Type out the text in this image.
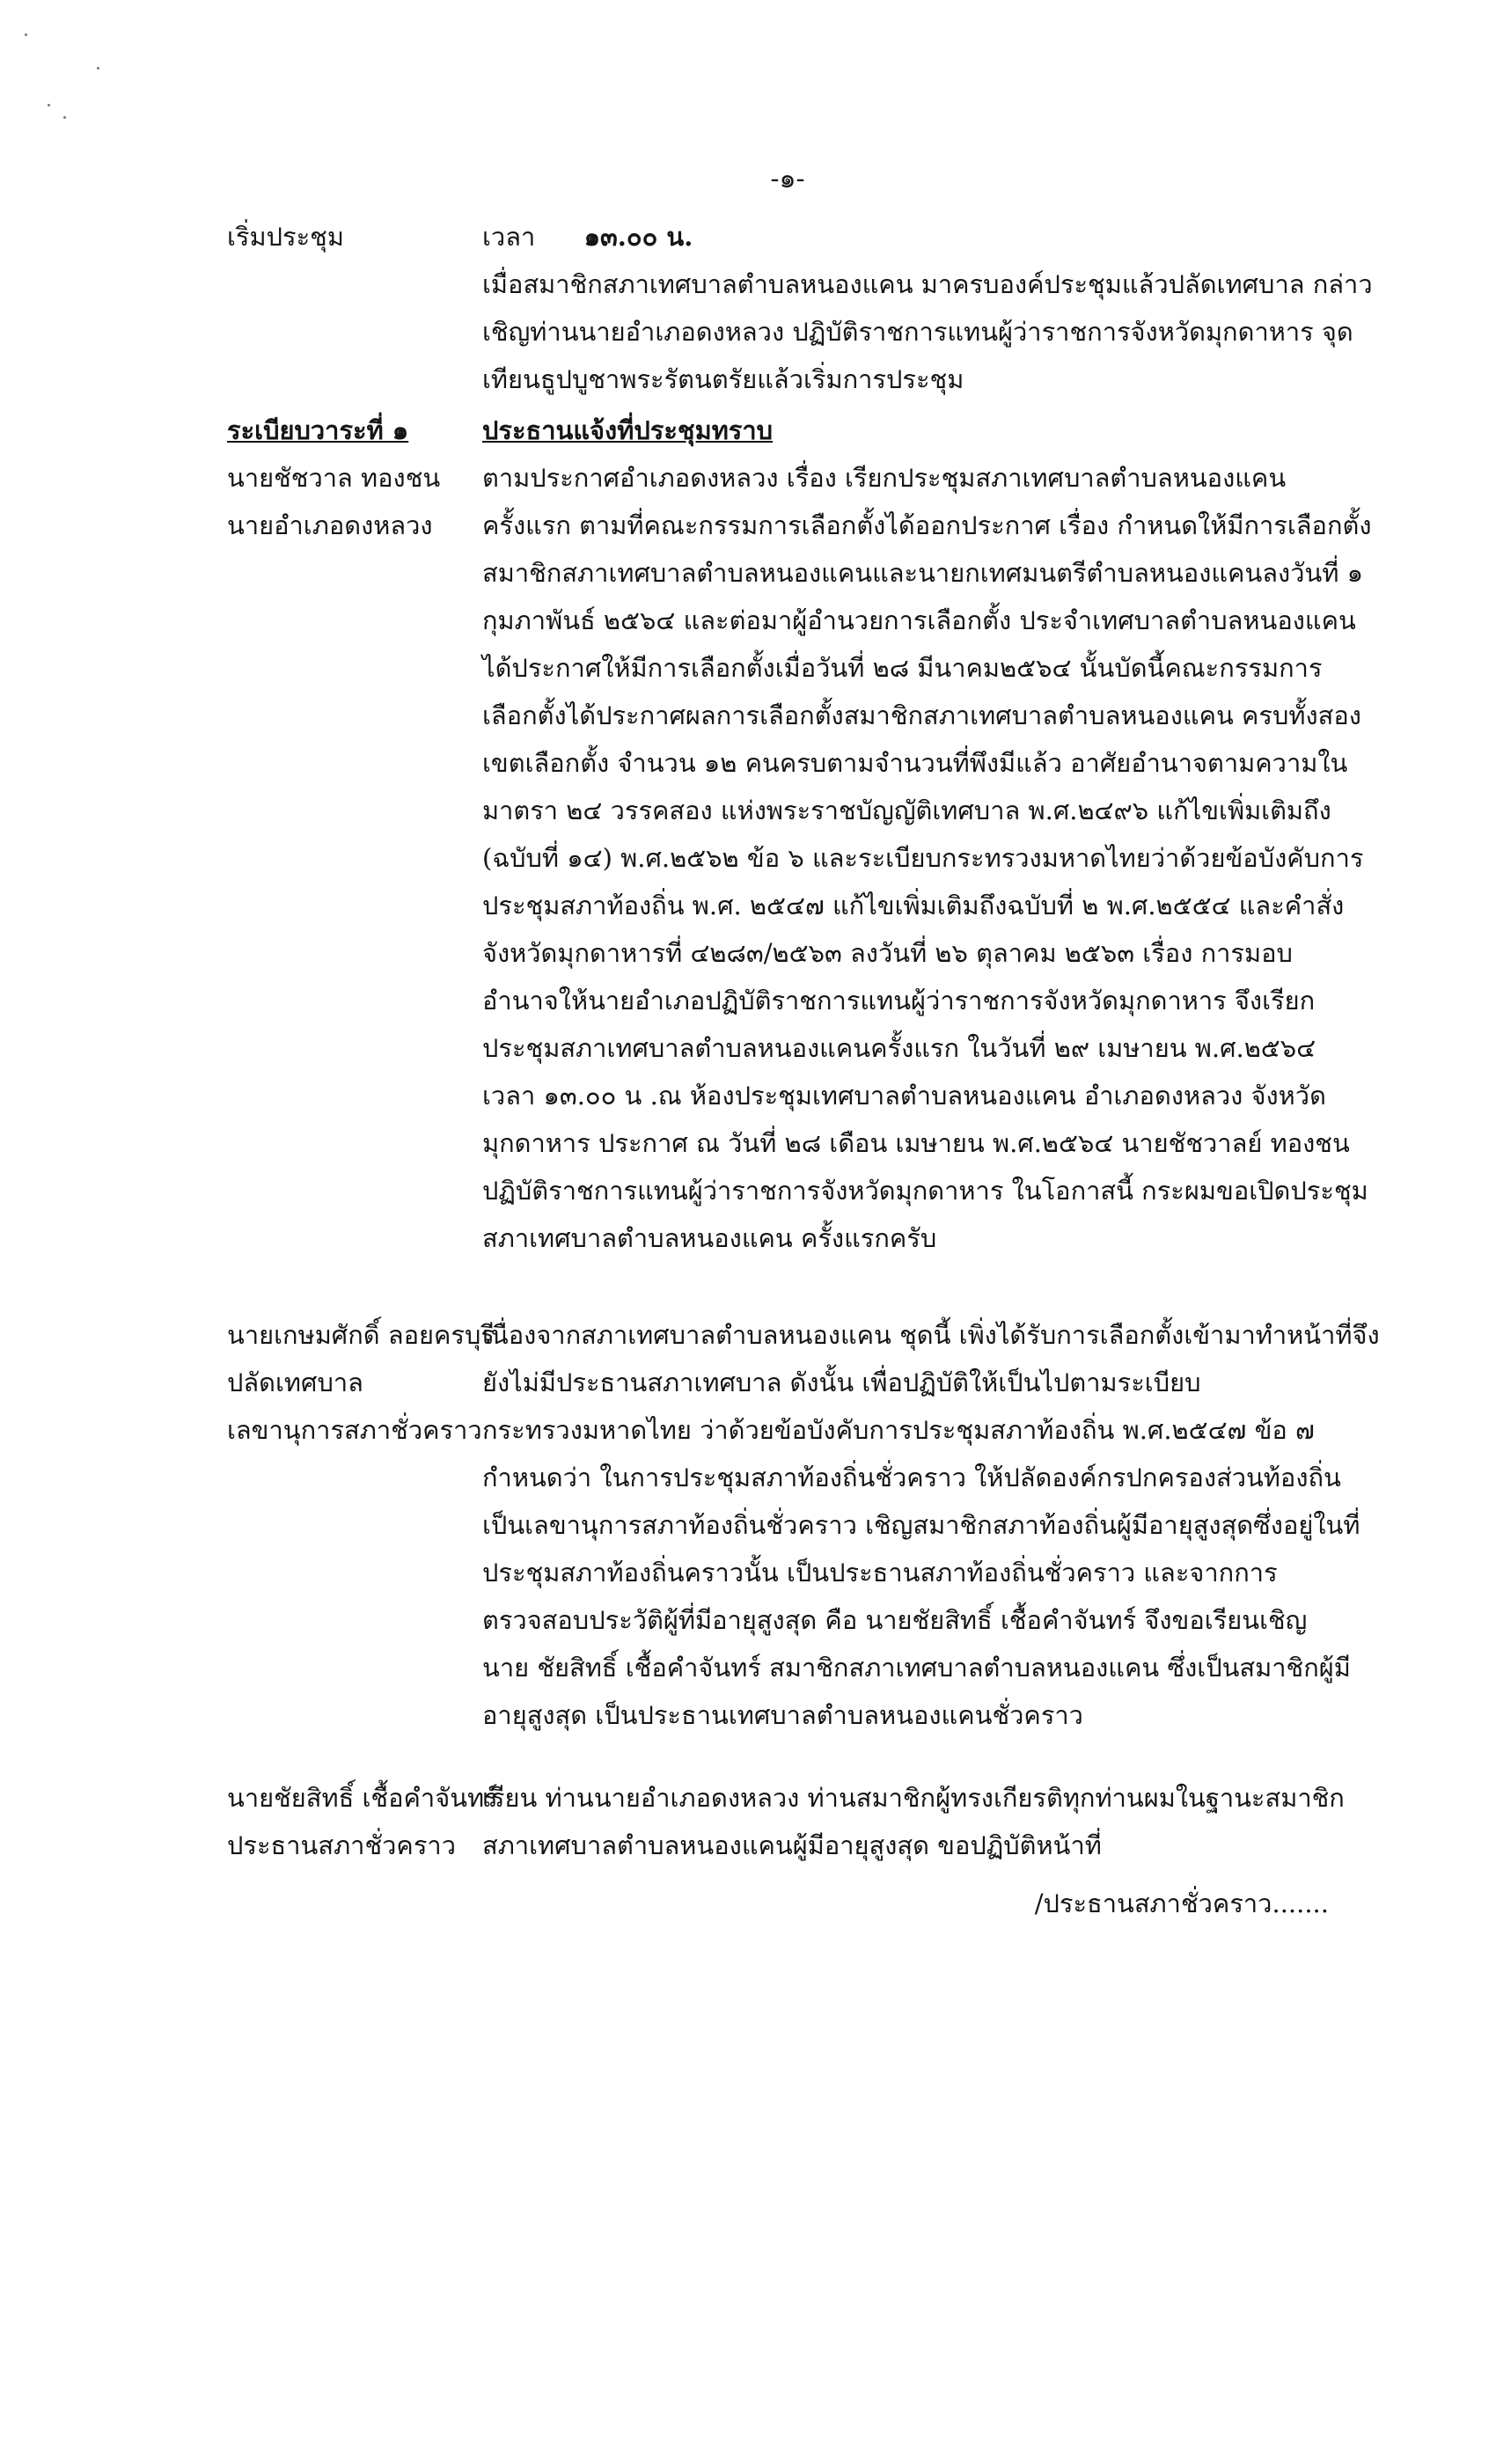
-๑-
เริ่มประชุม	เวลา ๑๓.๐๐ น.
เมื่อสมาชิกสภาเทศบาลตำบลหนองแคน มาครบองค์ประชุมแล้วปลัดเทศบาล กล่าว
เชิญท่านนายอำเภอดงหลวง ปฏิบัติราชการแทนผู้ว่าราชการจังหวัดมุกดาหาร จุด
เทียนธูปบูชาพระรัตนตรัยแล้วเริ่มการประชุม
ระเบียบวาระที่ ๑
นายชัชวาล ทองชน
นายอำเภอดงหลวง
ประธานแจ้งที่ประชุมทราบ
ตามประกาศอำเภอดงหลวง เรื่อง เรียกประชุมสภาเทศบาลตำบลหนองแคน
ครั้งแรก ตามที่คณะกรรมการเลือกตั้งได้ออกประกาศ เรื่อง กำหนดให้มีการเลือกตั้ง
สมาชิกสภาเทศบาลตำบลหนองแคนและนายกเทศมนตรีตำบลหนองแคนลงวันที่ ๑
กุมภาพันธ์ ๒๕๖๔ และต่อมาผู้อำนวยการเลือกตั้ง ประจำเทศบาลตำบลหนองแคน
ได้ประกาศให้มีการเลือกตั้งเมื่อวันที่ ๒๘ มีนาคม๒๕๖๔ นั้นบัดนี้คณะกรรมการ
เลือกตั้งได้ประกาศผลการเลือกตั้งสมาชิกสภาเทศบาลตำบลหนองแคน ครบทั้งสอง
เขตเลือกตั้ง จำนวน ๑๒ คนครบตามจำนวนที่พึงมีแล้ว อาศัยอำนาจตามความใน
มาตรา ๒๔ วรรคสอง แห่งพระราชบัญญัติเทศบาล พ.ศ.๒๔๙๖ แก้ไขเพิ่มเติมถึง
(ฉบับที่ ๑๔) พ.ศ.๒๕๖๒ ข้อ ๖ และระเบียบกระทรวงมหาดไทยว่าด้วยข้อบังคับการ
ประชุมสภาท้องถิ่น พ.ศ. ๒๕๔๗ แก้ไขเพิ่มเติมถึงฉบับที่ ๒ พ.ศ.๒๕๕๔ และคำสั่ง
จังหวัดมุกดาหารที่ ๔๒๘๓/๒๕๖๓ ลงวันที่ ๒๖ ตุลาคม ๒๕๖๓ เรื่อง การมอบ
อำนาจให้นายอำเภอปฏิบัติราชการแทนผู้ว่าราชการจังหวัดมุกดาหาร จึงเรียก
ประชุมสภาเทศบาลตำบลหนองแคนครั้งแรก ในวันที่ ๒๙ เมษายน พ.ศ.๒๕๖๔
เวลา ๑๓.๐๐ น .ณ ห้องประชุมเทศบาลตำบลหนองแคน อำเภอดงหลวง จังหวัด
มุกดาหาร ประกาศ ณ วันที่ ๒๘ เดือน เมษายน พ.ศ.๒๕๖๔ นายชัชวาลย์ ทองชน
ปฏิบัติราชการแทนผู้ว่าราชการจังหวัดมุกดาหาร ในโอกาสนี้ กระผมขอเปิดประชุม
สภาเทศบาลตำบลหนองแคน ครั้งแรกครับ
นายเกษมศักดิ์ ลอยครบุรี
ปลัดเทศบาล
เลขานุการสภาชั่วคราว
เนื่องจากสภาเทศบาลตำบลหนองแคน ชุดนี้ เพิ่งได้รับการเลือกตั้งเข้ามาทำหน้าที่จึง
ยังไม่มีประธานสภาเทศบาล ดังนั้น เพื่อปฏิบัติให้เป็นไปตามระเบียบ
กระทรวงมหาดไทย ว่าด้วยข้อบังคับการประชุมสภาท้องถิ่น พ.ศ.๒๕๔๗ ข้อ ๗
กำหนดว่า ในการประชุมสภาท้องถิ่นชั่วคราว ให้ปลัดองค์กรปกครองส่วนท้องถิ่น
เป็นเลขานุการสภาท้องถิ่นชั่วคราว เชิญสมาชิกสภาท้องถิ่นผู้มีอายุสูงสุดซึ่งอยู่ในที่
ประชุมสภาท้องถิ่นคราวนั้น เป็นประธานสภาท้องถิ่นชั่วคราว และจากการ
ตรวจสอบประวัติผู้ที่มีอายุสูงสุด คือ นายชัยสิทธิ์ เชื้อคำจันทร์ จึงขอเรียนเชิญ
นาย ชัยสิทธิ์ เชื้อคำจันทร์ สมาชิกสภาเทศบาลตำบลหนองแคน ซึ่งเป็นสมาชิกผู้มี
อายุสูงสุด เป็นประธานเทศบาลตำบลหนองแคนชั่วคราว
นายชัยสิทธิ์ เชื้อคำจันทร์
ประธานสภาชั่วคราว
เรียน ท่านนายอำเภอดงหลวง ท่านสมาชิกผู้ทรงเกียรติทุกท่านผมในฐานะสมาชิก
สภาเทศบาลตำบลหนองแคนผู้มีอายุสูงสุด ขอปฏิบัติหน้าที่
/ประธานสภาชั่วคราว.......
